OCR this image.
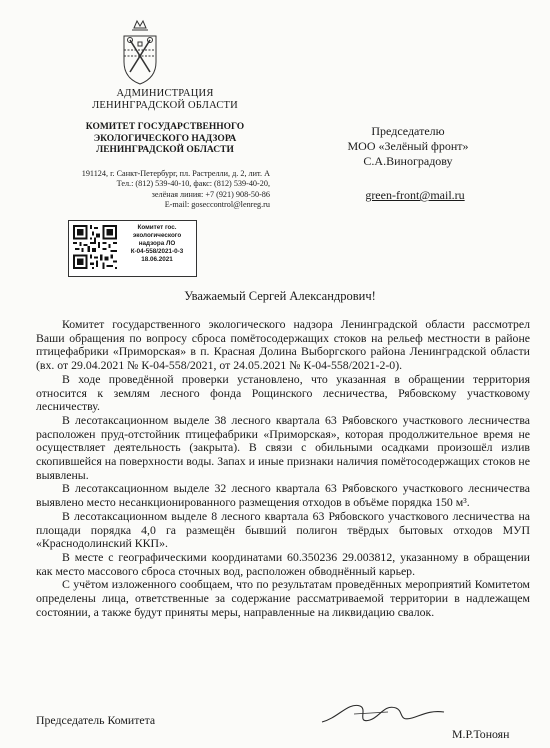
АДМИНИСТРАЦИЯ
ЛЕНИНГРАДСКОЙ ОБЛАСТИ
КОМИТЕТ ГОСУДАРСТВЕННОГО
ЭКОЛОГИЧЕСКОГО НАДЗОРА
ЛЕНИНГРАДСКОЙ ОБЛАСТИ
191124, г. Санкт-Петербург, пл. Растрелли, д. 2, лит. А
Тел.: (812) 539-40-10, факс: (812) 539-40-20,
зелёная линия: +7 (921) 908-50-86
E-mail: goseccontrol@lenreg.ru
Комитет гос.
экологического
надзора ЛО
К-04-558/2021-0-3
18.06.2021
Председателю
МОО «Зелёный фронт»
С.А.Виноградову
green-front@mail.ru
Уважаемый Сергей Александрович!

Комитет государственного экологического надзора Ленинградской области рассмотрел Ваши обращения по вопросу сброса помётосодержащих стоков на рельеф местности в районе птицефабрики «Приморская» в п. Красная Долина Выборгского района Ленинградской области (вх. от 29.04.2021 № К-04-558/2021, от 24.05.2021 № К-04-558/2021-2-0).

В ходе проведённой проверки установлено, что указанная в обращении территория относится к землям лесного фонда Рощинского лесничества, Рябовскому участковому лесничеству.

В лесотаксационном выделе 38 лесного квартала 63 Рябовского участкового лесничества расположен пруд-отстойник птицефабрики «Приморская», которая продолжительное время не осуществляет деятельность (закрыта). В связи с обильными осадками произошёл излив скопившейся на поверхности воды. Запах и иные признаки наличия помётосодержащих стоков не выявлены.

В лесотаксационном выделе 32 лесного квартала 63 Рябовского участкового лесничества выявлено место несанкционированного размещения отходов в объёме порядка 150 м³.

В лесотаксационном выделе 8 лесного квартала 63 Рябовского участкового лесничества на площади порядка 4,0 га размещён бывший полигон твёрдых бытовых отходов МУП «Краснодолинский ККП».

В месте с географическими координатами 60.350236 29.003812, указанному в обращении как место массового сброса сточных вод, расположен обводнённый карьер.

С учётом изложенного сообщаем, что по результатам проведённых мероприятий Комитетом определены лица, ответственные за содержание рассматриваемой территории в надлежащем состоянии, а также будут приняты меры, направленные на ликвидацию свалок.

Председатель Комитета
М.Р.Тоноян
